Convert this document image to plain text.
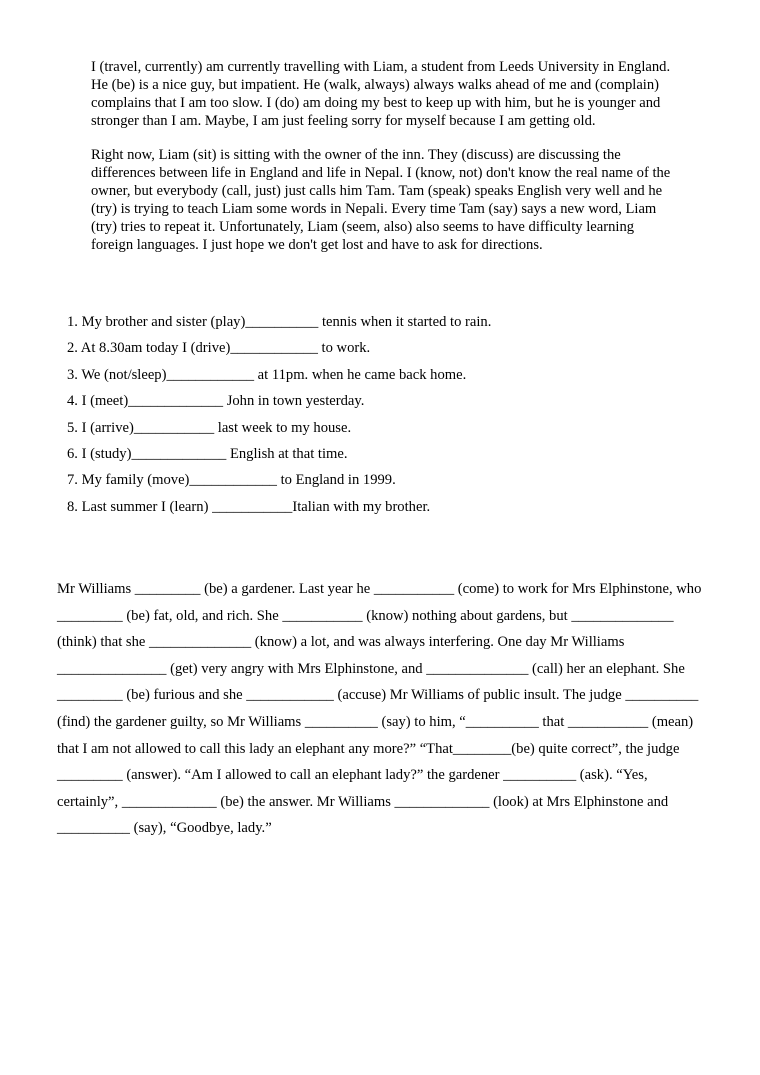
I (travel, currently) am currently travelling with Liam, a student from Leeds University in England. He (be) is a nice guy, but impatient. He (walk, always) always walks ahead of me and (complain) complains that I am too slow. I (do) am doing my best to keep up with him, but he is younger and stronger than I am. Maybe, I am just feeling sorry for myself because I am getting old.

Right now, Liam (sit) is sitting with the owner of the inn. They (discuss) are discussing the differences between life in England and life in Nepal. I (know, not) don't know the real name of the owner, but everybody (call, just) just calls him Tam. Tam (speak) speaks English very well and he (try) is trying to teach Liam some words in Nepali. Every time Tam (say) says a new word, Liam (try) tries to repeat it. Unfortunately, Liam (seem, also) also seems to have difficulty learning foreign languages. I just hope we don't get lost and have to ask for directions.

1. My brother and sister (play)__________ tennis when it started to rain.
2. At 8.30am today I (drive)____________ to work.
3. We (not/sleep)____________ at 11pm. when he came back home.
4. I (meet)_____________ John in town yesterday.
5. I (arrive)___________ last week to my house.
6. I (study)_____________ English at that time.
7. My family (move)____________ to England in 1999.
8. Last summer I (learn) ___________Italian with my brother.

Mr Williams _________ (be) a gardener. Last year he ___________ (come) to work for Mrs Elphinstone, who _________ (be) fat, old, and rich. She ___________ (know) nothing about gardens, but ______________ (think) that she ______________ (know) a lot, and was always interfering. One day Mr Williams _______________ (get) very angry with Mrs Elphinstone, and ______________ (call) her an elephant. She _________ (be) furious and she ____________ (accuse) Mr Williams of public insult. The judge __________ (find) the gardener guilty, so Mr Williams __________ (say) to him, “__________ that ___________ (mean) that I am not allowed to call this lady an elephant any more?” “That________(be) quite correct”, the judge _________ (answer). “Am I allowed to call an elephant lady?” the gardener __________ (ask). “Yes, certainly”, _____________ (be) the answer. Mr Williams _____________ (look) at Mrs Elphinstone and __________ (say), “Goodbye, lady.”
